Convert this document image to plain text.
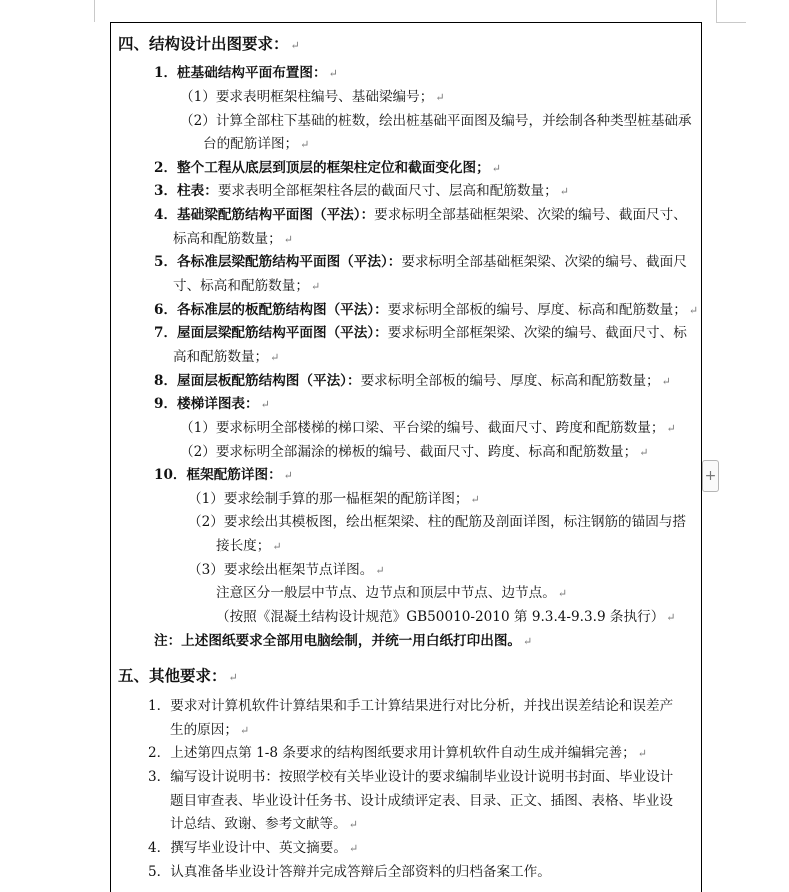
四、结构设计出图要求： ↵
1．桩基础结构平面布置图： ↵
（1）要求表明框架柱编号、基础梁编号； ↵
（2）计算全部柱下基础的桩数，绘出桩基础平面图及编号，并绘制各种类型桩基础承
台的配筋详图； ↵
2．整个工程从底层到顶层的框架柱定位和截面变化图； ↵
3．柱表：要求表明全部框架柱各层的截面尺寸、层高和配筋数量； ↵
4．基础梁配筋结构平面图（平法）：要求标明全部基础框架梁、次梁的编号、截面尺寸、
标高和配筋数量； ↵
5．各标准层梁配筋结构平面图（平法）：要求标明全部基础框架梁、次梁的编号、截面尺
寸、标高和配筋数量； ↵
6．各标准层的板配筋结构图（平法）：要求标明全部板的编号、厚度、标高和配筋数量； ↵
7．屋面层梁配筋结构平面图（平法）：要求标明全部框架梁、次梁的编号、截面尺寸、标
高和配筋数量； ↵
8．屋面层板配筋结构图（平法）：要求标明全部板的编号、厚度、标高和配筋数量； ↵
9．楼梯详图表： ↵
（1）要求标明全部楼梯的梯口梁、平台梁的编号、截面尺寸、跨度和配筋数量； ↵
（2）要求标明全部漏涂的梯板的编号、截面尺寸、跨度、标高和配筋数量； ↵
10．框架配筋详图： ↵
（1）要求绘制手算的那一榀框架的配筋详图； ↵
（2）要求绘出其模板图，绘出框架梁、柱的配筋及剖面详图，标注钢筋的锚固与搭
接长度； ↵
（3）要求绘出框架节点详图。 ↵
注意区分一般层中节点、边节点和顶层中节点、边节点。 ↵
（按照《混凝土结构设计规范》GB50010-2010 第 9.3.4-9.3.9 条执行） ↵
注：上述图纸要求全部用电脑绘制，并统一用白纸打印出图。 ↵
五、其他要求： ↵
1．要求对计算机软件计算结果和手工计算结果进行对比分析，并找出误差结论和误差产
生的原因； ↵
2．上述第四点第 1-8 条要求的结构图纸要求用计算机软件自动生成并编辑完善； ↵
3．编写设计说明书：按照学校有关毕业设计的要求编制毕业设计说明书封面、毕业设计
题目审查表、毕业设计任务书、设计成绩评定表、目录、正文、插图、表格、毕业设
计总结、致谢、参考文献等。 ↵
4．撰写毕业设计中、英文摘要。 ↵
5．认真准备毕业设计答辩并完成答辩后全部资料的归档备案工作。
+
